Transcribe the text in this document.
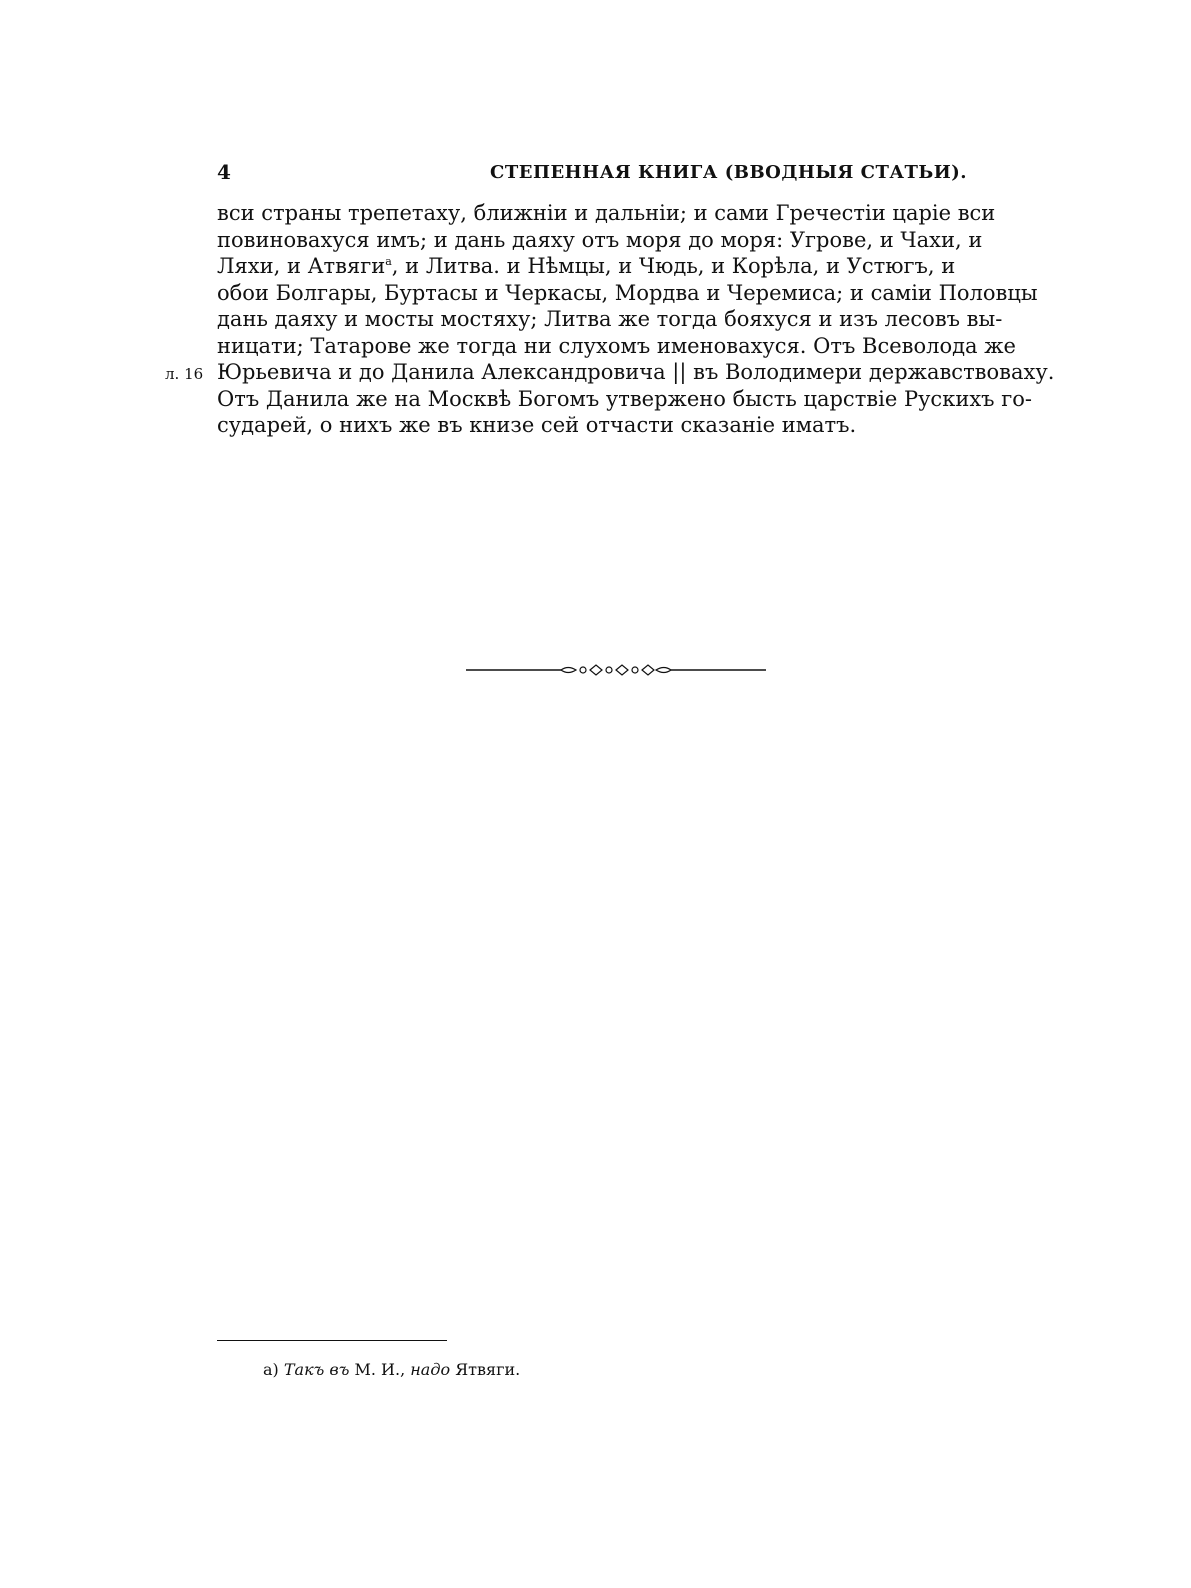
4	СТЕПЕННАЯ КНИГА (ВВОДНЫЯ СТАТЬИ).
вси страны трепетаху, ближнiи и дальнiи; и сами Гречестiи царiе вси
повиновахуся имъ; и дань даяху отъ моря до моря: Угрове, и Чахи, и
Ляхи, и Атвяги$^а$, и Литва. и Нѣмцы, и Чюдь, и Корѣла, и Устюгъ, и
обои Болгары, Буртасы и Черкасы, Мордва и Черемиса; и самiи Половцы
дань даяху и мосты мостяху; Литва же тогда бояхуся и изъ лесовъ вы-
ницати; Татарове же тогда ни слухомъ именовахуся. Отъ Всеволода же
л. 16 Юрьевича и до Данила Александровича || въ Володимери державствоваху.
Отъ Данила же на Москвѣ Богомъ утвержено бысть царствiе Рускихъ го-
сударей, о нихъ же въ книзе сей отчасти сказанiе иматъ.
а) Такъ въ М. И., надо Ятвяги.
